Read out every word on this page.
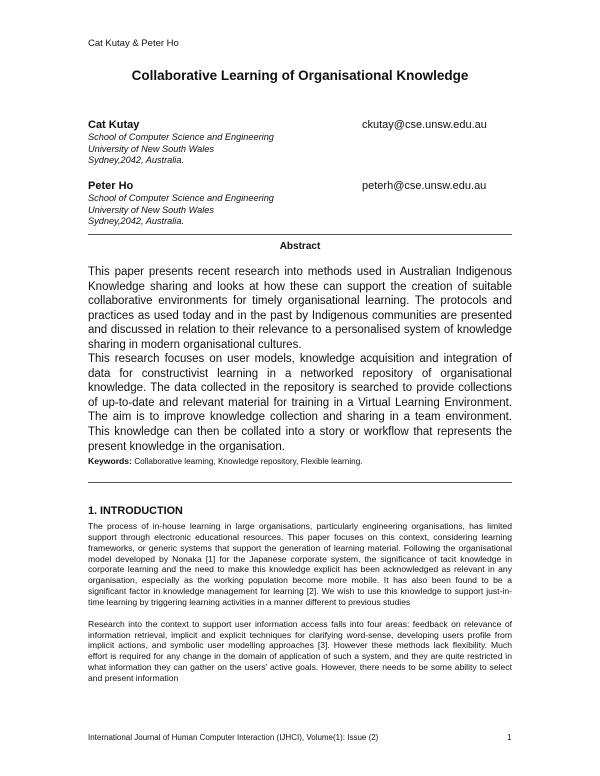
Cat Kutay & Peter Ho
Collaborative Learning of Organisational Knowledge
Cat Kutay	ckutay@cse.unsw.edu.au
School of Computer Science and Engineering
University of New South Wales
Sydney,2042, Australia.
Peter Ho	peterh@cse.unsw.edu.au
School of Computer Science and Engineering
University of New South Wales
Sydney,2042, Australia.
Abstract

This paper presents recent research into methods used in Australian Indigenous Knowledge sharing and looks at how these can support the creation of suitable collaborative environments for timely organisational learning. The protocols and practices as used today and in the past by Indigenous communities are presented and discussed in relation to their relevance to a personalised system of knowledge sharing in modern organisational cultures.

This research focuses on user models, knowledge acquisition and integration of data for constructivist learning in a networked repository of organisational knowledge. The data collected in the repository is searched to provide collections of up-to-date and relevant material for training in a Virtual Learning Environment. The aim is to improve knowledge collection and sharing in a team environment. This knowledge can then be collated into a story or workflow that represents the present knowledge in the organisation.

Keywords: Collaborative learning, Knowledge repository, Flexible learning.
1. INTRODUCTION

The process of in-house learning in large organisations, particularly engineering organisations, has limited support through electronic educational resources. This paper focuses on this context, considering learning frameworks, or generic systems that support the generation of learning material. Following the organisational model developed by Nonaka [1] for the Japanese corporate system, the significance of tacit knowledge in corporate learning and the need to make this knowledge explicit has been acknowledged as relevant in any organisation, especially as the working population become more mobile. It has also been found to be a significant factor in knowledge management for learning [2]. We wish to use this knowledge to support just-in-time learning by triggering learning activities in a manner different to previous studies

Research into the context to support user information access falls into four areas: feedback on relevance of information retrieval, implicit and explicit techniques for clarifying word-sense, developing users profile from implicit actions, and symbolic user modelling approaches [3]. However these methods lack flexibility. Much effort is required for any change in the domain of application of such a system, and they are quite restricted in what information they can gather on the users' active goals. However, there needs to be some ability to select and present information

International Journal of Human Computer Interaction (IJHCI), Volume(1): Issue (2)	1
